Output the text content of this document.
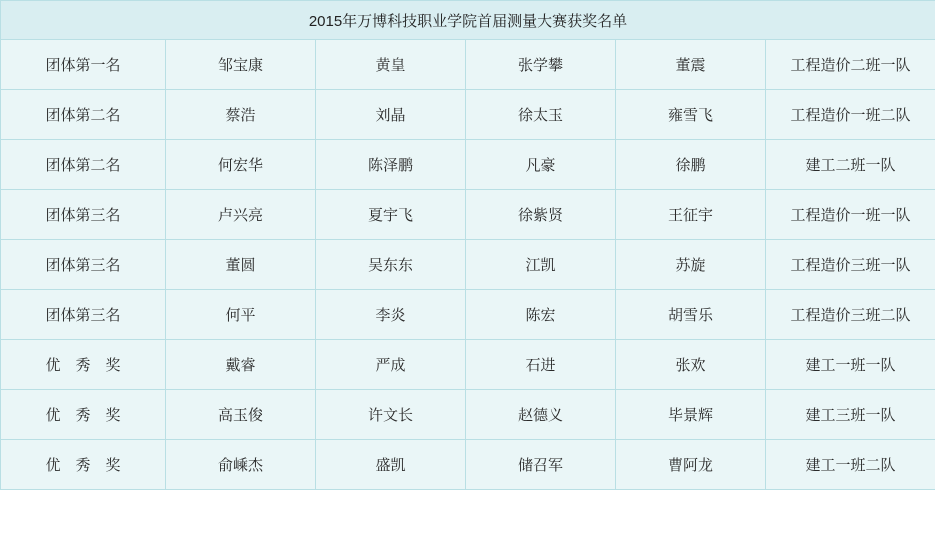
2015年万博科技职业学院首届测量大赛获奖名单					
团体第一名	邹宝康	黄皇	张学攀	董震	工程造价二班一队
团体第二名	蔡浩	刘晶	徐太玉	雍雪飞	工程造价一班二队
团体第二名	何宏华	陈泽鹏	凡豪	徐鹏	建工二班一队
团体第三名	卢兴亮	夏宇飞	徐紫贤	王征宇	工程造价一班一队
团体第三名	董圆	吴东东	江凯	苏旋	工程造价三班一队
团体第三名	何平	李炎	陈宏	胡雪乐	工程造价三班二队
优　秀　奖	戴睿	严成	石进	张欢	建工一班一队
优　秀　奖	高玉俊	许文长	赵德义	毕景辉	建工三班一队
优　秀　奖	俞嵊杰	盛凯	储召军	曹阿龙	建工一班二队
